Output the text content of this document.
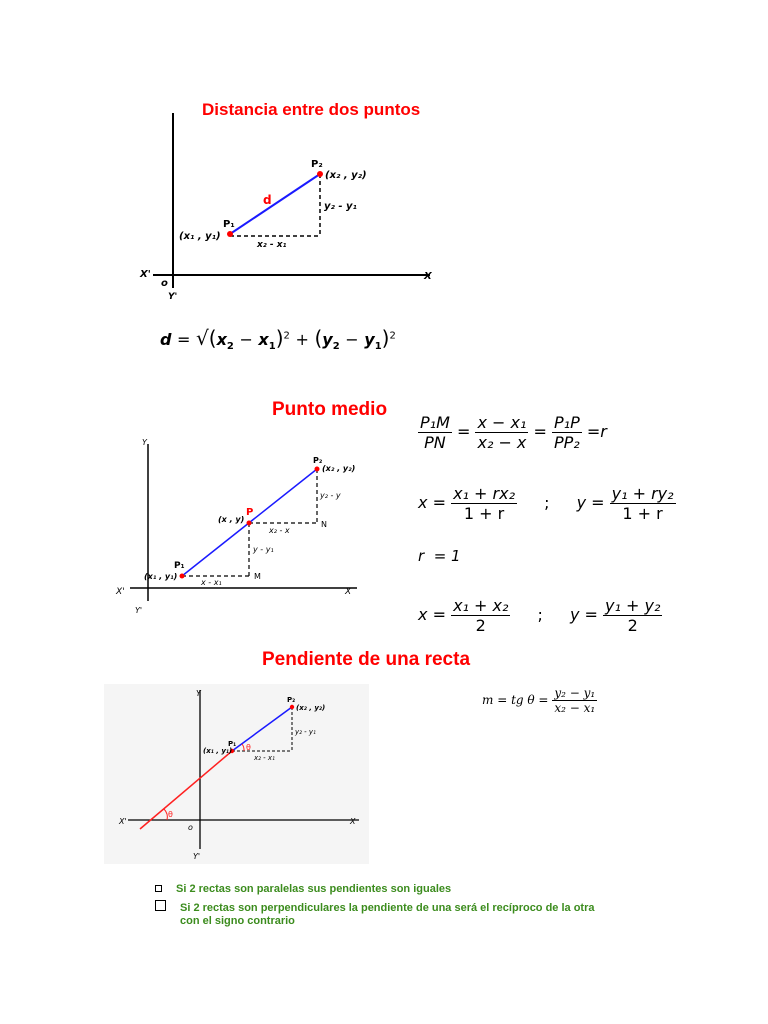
Distancia entre dos puntos
P₁
P₂
(x₁ , y₁)
(x₂ , y₂)
d	y₂ - y₁
x₂ - x₁
X
X'
o
Y'
$d = √(x_2 - x_1)^2 + (y_2 - y_1)^2$
Punto medio
Y
Y'
X
X'
P₁
(x₁ , y₁)
P₂
(x₂ , y₂)
P
(x , y)
y₂ - y
x₂ - x
N
y - y₁
x - x₁
M
$\frac{\text{P₁M}}{PN} = \frac{\text{x − x₁}}{\text{x₂ − x}} = \frac{\text{P₁P}}{\text{PP₂}} =r$
$x = \frac{\text{x₁ + rx₂}}{1 + r}$ ; $y = \frac{\text{y₁ + ry₂}}{1 + r}$
r  = 1
$x = \frac{\text{x₁ + x₂}}{2}$ ; $y = \frac{\text{y₁ + y₂}}{2}$
Pendiente de una recta
Y
Y'
X
X'
o
P₁
(x₁ , y₁)
P₂
(x₂ , y₂)
y₂ - y₁
x₂ - x₁
θ
θ
m = tg $\theta = \frac{\text{y₂ − y₁}}{\text{x₂ − x₁}}$
Si 2 rectas son paralelas sus pendientes son iguales
Si 2 rectas son perpendiculares la pendiente de una será el recíproco de la otra
con el signo contrario
